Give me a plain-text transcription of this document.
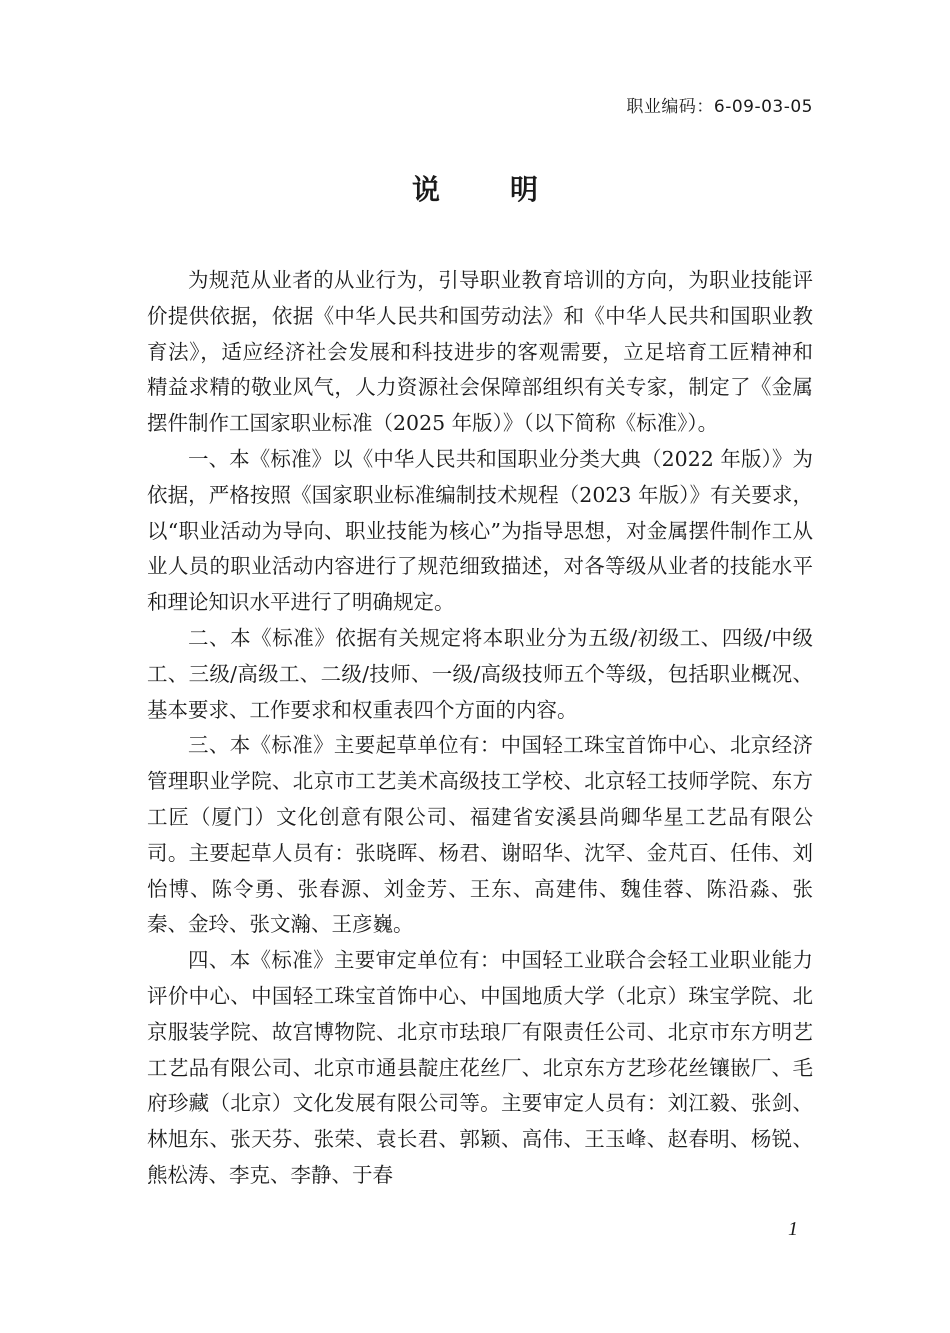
职业编码：6-09-03-05
说	明

为规范从业者的从业行为，引导职业教育培训的方向，为职业技能评价提供依据，依据《中华人民共和国劳动法》和《中华人民共和国职业教育法》，适应经济社会发展和科技进步的客观需要，立足培育工匠精神和精益求精的敬业风气，人力资源社会保障部组织有关专家，制定了《金属摆件制作工国家职业标准（2025 年版）》（以下简称《标准》）。

一、本《标准》以《中华人民共和国职业分类大典（2022 年版）》为依据，严格按照《国家职业标准编制技术规程（2023 年版）》有关要求，以“职业活动为导向、职业技能为核心”为指导思想，对金属摆件制作工从业人员的职业活动内容进行了规范细致描述，对各等级从业者的技能水平和理论知识水平进行了明确规定。

二、本《标准》依据有关规定将本职业分为五级/初级工、四级/中级工、三级/高级工、二级/技师、一级/高级技师五个等级，包括职业概况、基本要求、工作要求和权重表四个方面的内容。

三、本《标准》主要起草单位有：中国轻工珠宝首饰中心、北京经济管理职业学院、北京市工艺美术高级技工学校、北京轻工技师学院、东方工匠（厦门）文化创意有限公司、福建省安溪县尚卿华星工艺品有限公司。主要起草人员有：张晓晖、杨君、谢昭华、沈罕、金芃百、任伟、刘怡博、陈令勇、张春源、刘金芳、王东、高建伟、魏佳蓉、陈沿淼、张秦、金玲、张文瀚、王彦巍。

四、本《标准》主要审定单位有：中国轻工业联合会轻工业职业能力评价中心、中国轻工珠宝首饰中心、中国地质大学（北京）珠宝学院、北京服装学院、故宫博物院、北京市珐琅厂有限责任公司、北京市东方明艺工艺品有限公司、北京市通县靛庄花丝厂、北京东方艺珍花丝镶嵌厂、毛府珍藏（北京）文化发展有限公司等。主要审定人员有：刘江毅、张剑、林旭东、张天芬、张荣、袁长君、郭颖、高伟、王玉峰、赵春明、杨锐、熊松涛、李克、李静、于春

1
